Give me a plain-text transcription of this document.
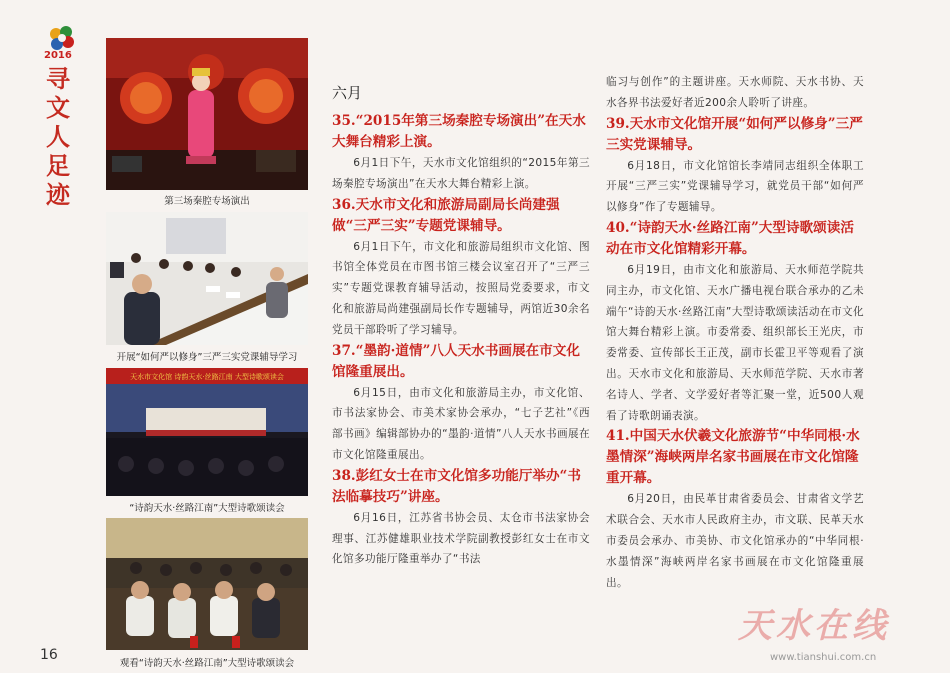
2016
寻文人足迹
16
第三场秦腔专场演出
开展“如何严以修身”三严三实党课辅导学习
天水市文化馆 诗韵天水·丝路江南 大型诗歌颂读会
“诗韵天水·丝路江南”大型诗歌颂读会
观看“诗韵天水·丝路江南”大型诗歌颂读会
六月

35.“2015年第三场秦腔专场演出”在天水大舞台精彩上演。

6月1日下午，天水市文化馆组织的“2015年第三场秦腔专场演出”在天水大舞台精彩上演。

36.天水市文化和旅游局副局长尚建强做“三严三实”专题党课辅导。

6月1日下午，市文化和旅游局组织市文化馆、图书馆全体党员在市图书馆三楼会议室召开了“三严三实”专题党课教育辅导活动，按照局党委要求，市文化和旅游局尚建强副局长作专题辅导，两馆近30余名党员干部聆听了学习辅导。

37.“墨韵·道情”八人天水书画展在市文化馆隆重展出。

6月15日，由市文化和旅游局主办，市文化馆、市书法家协会、市美术家协会承办，“七子艺社”《西部书画》编辑部协办的“墨韵·道情”八人天水书画展在市文化馆隆重展出。

38.彭红女士在市文化馆多功能厅举办“书法临摹技巧”讲座。

6月16日，江苏省书协会员、太仓市书法家协会理事、江苏健雄职业技术学院副教授彭红女士在市文化馆多功能厅隆重举办了“书法

临习与创作”的主题讲座。天水师院、天水书协、天水各界书法爱好者近200余人聆听了讲座。

39.天水市文化馆开展“如何严以修身”三严三实党课辅导。

6月18日，市文化馆馆长李靖同志组织全体职工开展“三严三实”党课辅导学习，就党员干部“如何严以修身”作了专题辅导。

40.“诗韵天水·丝路江南”大型诗歌颂读活动在市文化馆精彩开幕。

6月19日，由市文化和旅游局、天水师范学院共同主办，市文化馆、天水广播电视台联合承办的乙未端午“诗韵天水·丝路江南”大型诗歌颂读活动在市文化馆大舞台精彩上演。市委常委、组织部长王光庆，市委常委、宣传部长王正茂，副市长霍卫平等观看了演出。天水市文化和旅游局、天水师范学院、天水市著名诗人、学者、文学爱好者等汇聚一堂，近500人观看了诗歌朗诵表演。

41.中国天水伏羲文化旅游节“中华同根·水墨情深”海峡两岸名家书画展在市文化馆隆重开幕。

6月20日，由民革甘肃省委员会、甘肃省文学艺术联合会、天水市人民政府主办，市文联、民革天水市委员会承办、市美协、市文化馆承办的“中华同根·水墨情深”海峡两岸名家书画展在市文化馆隆重展出。

天水在线
www.tianshui.com.cn
